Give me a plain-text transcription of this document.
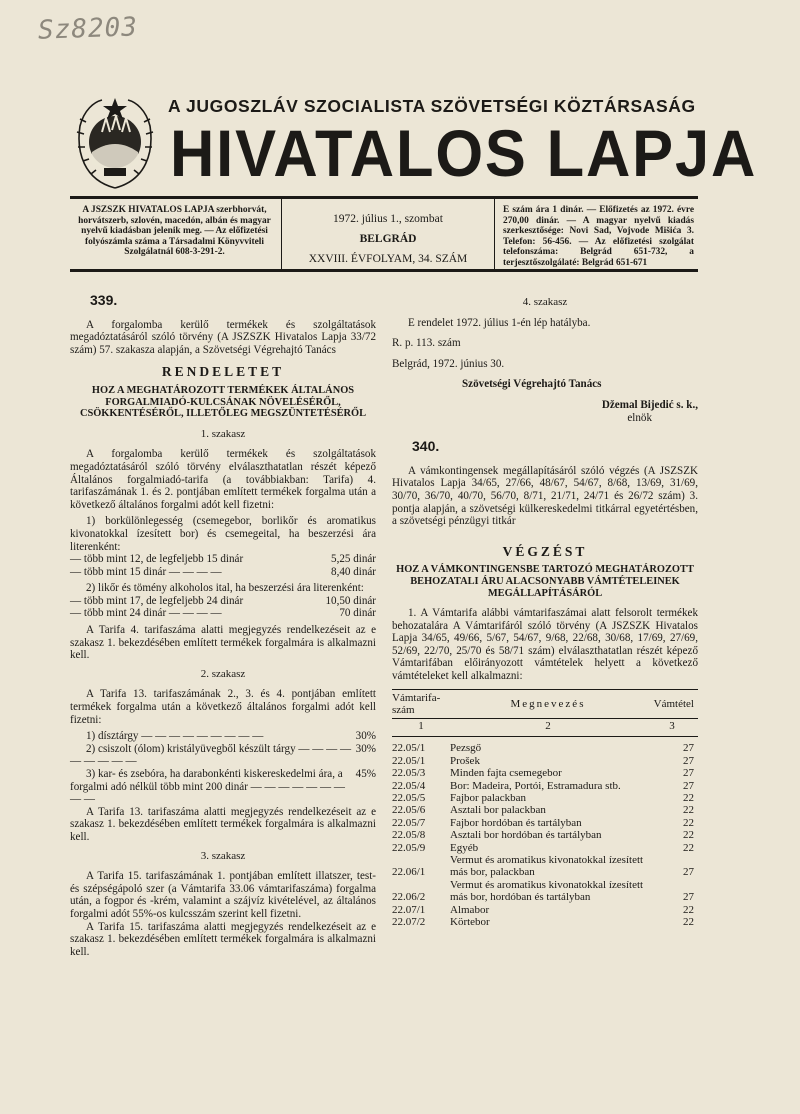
Sz8203
A JUGOSZLÁV SZOCIALISTA SZÖVETSÉGI KÖZTÁRSASÁG
HIVATALOS LAPJA
A JSZSZK HIVATALOS LAPJA szerbhorvát, horvátszerb, szlovén, macedón, albán és magyar nyelvű kiadásban jelenik meg. — Az előfizetési folyószámla száma a Társadalmi Könyvviteli Szolgálatnál 608-3-291-2.
1972. július 1., szombat
BELGRÁD
XXVIII. ÉVFOLYAM, 34. SZÁM
E szám ára 1 dinár. — Előfizetés az 1972. évre 270,00 dinár. — A magyar nyelvű kiadás szerkesztősége: Novi Sad, Vojvode Mišića 3. Telefon: 56-456. — Az előfizetési szolgálat telefonszáma: Belgrád 651-732, a terjesztőszolgálaté: Belgrád 651-671
339.

A forgalomba kerülő termékek és szolgáltatások megadóztatásáról szóló törvény (A JSZSZK Hivatalos Lapja 33/72 szám) 57. szakasza alapján, a Szövetségi Végrehajtó Tanács

RENDELETET

HOZ A MEGHATÁROZOTT TERMÉKEK ÁLTALÁNOS FORGALMIADÓ-KULCSÁNAK NÖVELÉSÉRŐL, CSÖKKENTÉSÉRŐL, ILLETŐLEG MEGSZÜNTETÉSÉRŐL

1. szakasz

A forgalomba kerülő termékek és szolgáltatások megadóztatásáról szóló törvény elválaszthatatlan részét képező Általános forgalmiadó-tarifa (a továbbiakban: Tarifa) 4. tarifaszámának 1. és 2. pontjában említett termékek forgalma után a következő általános forgalmi adót kell fizetni:

1) borkülönlegesség (csemegebor, borlikőr és aromatikus kivonatokkal ízesített bor) és csemegeital, ha beszerzési ára literenként:

— több mint 12, de legfeljebb 15 dinár	5,25 dinár
— több mint 15 dinár — — — —	8,40 dinár

2) likőr és tömény alkoholos ital, ha beszerzési ára literenként:

— több mint 17, de legfeljebb 24 dinár	10,50 dinár
— több mint 24 dinár — — — —	70 dinár

A Tarifa 4. tarifaszáma alatti megjegyzés rendelkezéseit az e szakasz 1. bekezdésében említett termékek forgalmára is alkalmazni kell.

2. szakasz

A Tarifa 13. tarifaszámának 2., 3. és 4. pontjában említett termékek forgalma után a következő általános forgalmi adót kell fizetni:

1) dísztárgy — — — — — — — — —	30%
2) csiszolt (ólom) kristályüvegből készült tárgy — — — — — — — — —
30%
3) kar- és zsebóra, ha darabonkénti kiskereskedelmi ára, a forgalmi adó nélkül több mint 200 dinár — — — — — — — — —
45%

A Tarifa 13. tarifaszáma alatti megjegyzés rendelkezéseit az e szakasz 1. bekezdésében említett termékek forgalmára is alkalmazni kell.

3. szakasz

A Tarifa 15. tarifaszámának 1. pontjában említett illatszer, test- és szépségápoló szer (a Vámtarifa 33.06 vámtarifaszáma) forgalma után, a fogpor és -krém, valamint a szájvíz kivételével, az általános forgalmi adót 55%-os kulcsszám szerint kell fizetni.

A Tarifa 15. tarifaszáma alatti megjegyzés rendelkezéseit az e szakasz 1. bekezdésében említett termékek forgalmára is alkalmazni kell.

4. szakasz

E rendelet 1972. július 1-én lép hatályba.

R. p. 113. szám

Belgrád, 1972. június 30.

Szövetségi Végrehajtó Tanács

Džemal Bijedić s. k.,

elnök

340.

A vámkontingensek megállapításáról szóló végzés (A JSZSZK Hivatalos Lapja 34/65, 27/66, 48/67, 54/67, 8/68, 13/69, 31/69, 30/70, 36/70, 40/70, 56/70, 8/71, 21/71, 24/71 és 26/72 szám) 3. pontja alapján, a szövetségi külkereskedelmi titkárral egyetértésben, a szövetségi pénzügyi titkár

VÉGZÉST

HOZ A VÁMKONTINGENSBE TARTOZÓ MEGHATÁROZOTT BEHOZATALI ÁRU ALACSONYABB VÁMTÉTELEINEK MEGÁLLAPÍTÁSÁRÓL

1. A Vámtarifa alábbi vámtarifaszámai alatt felsorolt termékek behozatalára A Vámtarifáról szóló törvény (A JSZSZK Hivatalos Lapja 34/65, 49/66, 5/67, 54/67, 9/68, 22/68, 30/68, 17/69, 27/69, 52/69, 22/70, 25/70 és 58/71 szám) elválaszthatatlan részét képező Vámtarifában előirányozott vámtételek helyett a következő vámtételeket kell alkalmazni:

Vámtarifa-szám	Megnevezés	Vámtétel
1	2	3

22.05/1	Pezsgő	27
22.05/1	Prošek	27
22.05/3	Minden fajta csemegebor	27
22.05/4	Bor: Madeira, Portói, Estramadura stb.	27
22.05/5	Fajbor palackban	22
22.05/6	Asztali bor palackban	22
22.05/7	Fajbor hordóban és tartályban	22
22.05/8	Asztali bor hordóban és tartályban	22
22.05/9	Egyéb	22
22.06/1	Vermut és aromatikus kivonatokkal ízesített más bor, palackban	27
22.06/2	Vermut és aromatikus kivonatokkal ízesített más bor, hordóban és tartályban	27
22.07/1	Almabor	22
22.07/2	Körtebor	22
